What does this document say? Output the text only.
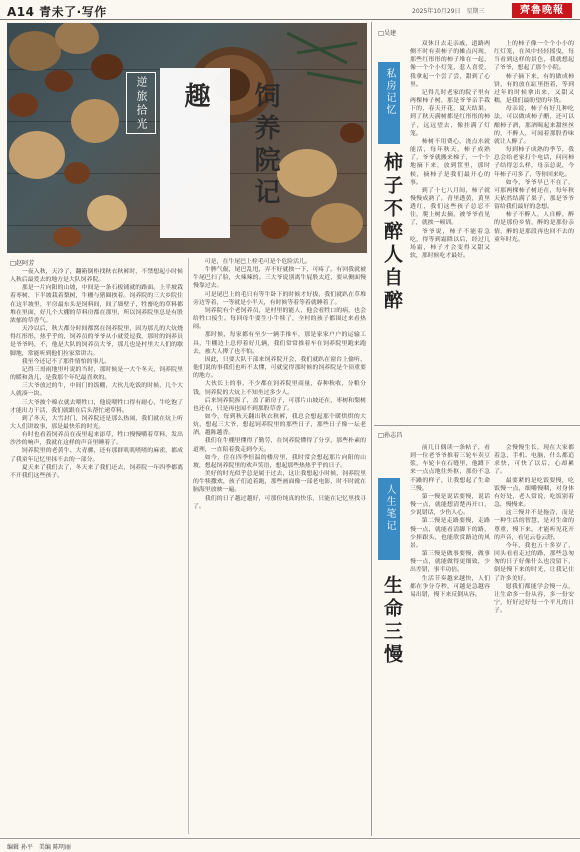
A14 青未了·写作	2025年10月29日　星期三	齊魯晚報
逆旅拾光	饲养院记趣
□赵阿芳

一夜入秋，天冷了，翻箱倒柜找秋衣秋裤时，不禁想起小时候入秋后最爱去的地方是大队饲养院。

那是一片向阳的山坡，中间是一条石板铺就的路面。上半坡栽着枣树，下半坡栽着梨树，牛栅与猪圈挨着。饲养院的三大乡院住在这半坡里，平房最东头是饲料间，间了墙壁子，牲畜吃的草料都堆在里面，好几个大棚的草料房都在那里，所以饲养院里总是有股浓郁的草香气。

天冷以后，秋大都分时间都窝在饲养院里，因为那儿的大炕烧得红彤彤，热乎乎的，饲养员的爷爷从小就爱逗我，那时的饲养员是爷爷吗，不，他是大队的饲养员大爷，那儿也是村里大人们的歇脚地，常能听到他们拉家常讲古。

我至今还记不了那件情怕的事儿。

记得三哥雨地里叶说的当时，那时候是一大个冬天，饲养院里的暖和劲儿，是我那个年纪最喜欢的。

三大爷放过的牛，中间门的饭棚，大伙儿吃饭的时候，几个大人就凑一块。

三大爷披个棉衣就去喂牲口，他说喂牲口得有耐心，牛吃饱了才能出力干活，我们就跟在后头帮忙递草料。

到了冬天，大雪封门，饲养院还是那么热闹，我们就在炕上听大人们讲故事，那是最快乐的时光。

有时也看着饲养员在夜里起来添草，牲口慢慢嚼着草料，发出沙沙的响声，我就在这样的声音里睡着了。

饲养院里的老黄牛、大青骡，还有那群叽叽喳喳的麻雀，都成了我童年记忆里抹不去的一部分。

夏天来了我们去了，冬天来了我们还去，饲养院一年四季都离不开我们这些孩子。

可是，在牛尾巴上栓毛可是个危险活儿。

牛脾气倔，尾巴乱甩，弄不好就挨一下，可疼了。有回我就被牛尾巴扫了脸，火辣辣的。三大爷说别离牛屁股太近，要从侧面慢慢靠过去。

可是尾巴上的毛只有等牛卧下的时候才好拔，我们就趴在草堆旁边等着，一等就是小半天，有时候等着等着就睡着了。

饲养院有个老饲养员，是村里的能人，他会看牲口的病，也会给牲口接生。每回母牛要生小牛犊了，全村的孩子都围过来看热闹。

那时候，每家都有至少一辆手推车，那是家家户户的运输工具，牛棚边上总停着好几辆，我们常常推着车在饲养院里跑来跑去，被大人撵了也不怕。

因此，只要大队干部来饲养院开会，我们就趴在窗台上偷听，他们说的事我们也听不太懂，可就觉得那时候的饲养院是个顶重要的地方。

大伙长上的事，不少都在饲养院里商量，春种秋收，分粮分钱，饲养院的大炕上不知坐过多少人。

后来饲养院拆了，盖了新房子，可那片山坡还在，枣树和梨树也还在，只是再也闻不到那股草香了。

如今，每到秋天翻出秋衣秋裤，我总会想起那个暖烘烘的大炕，想起三大爷，想起饲养院里的那些日子，那些日子像一坛老酒，越陈越香。

我们在牛棚里懂得了勤劳，在饲养院懂得了分享，那些朴素的道理，一直陪着我走到今天。

如今，住在四季恒温的楼房里，我时常会想起那片向阳的山坡，想起饲养院里的欢声笑语，想起那些热热乎乎的日子。

美好的时光似乎总是属于过去，这让我想起小时候，饲养院里的牛犊撒欢，孩子们追着跑，那些画面像一部老电影，时不时就在脑海里放映一遍。

我们的日子越过越好，可那份纯真的快乐，只能在记忆里找寻了。

□吴建
私房记忆
柿子不醉人自醉

双休日去走亲戚，道路两侧不时有卖柿子的摊点闪现，那些红彤彤的柿子堆在一起，像一个个小灯笼，惹人喜爱，我拿起一个尝了尝，甜到了心里。

记得儿时老家的院子里有两棵柿子树，那是爷爷亲手栽下的，春天开花，夏天结果，到了秋天满树都是红彤彤的柿子，远远望去，像挂满了灯笼。

柿树不用费心，浇点水就能活，每年秋天，柿子成熟了，爷爷就搬来梯子，一个个地摘下来，放到筐里，那时候，摘柿子是我们最开心的事。

到了十七八月间，柿子就慢慢成熟了，青里透黄，黄里透红，我们这些孩子总忍不住，爬上树去摘，被爷爷看见了，就挨一顿训。

爷爷说，柿子不能着急吃，得等到霜降以后，经过几场霜，柿子才会变得又甜又软，那时候吃才最好。

上的柿子像一个个小小的红灯笼，在风中轻轻摇曳，每当看到这样的景色，我就想起了爷爷，想起了那个小院。

柿子摘下来，有的做成柿饼，有的放在缸里捂着，等到过年的时候拿出来，又甜又糯，是我们最盼望的年货。

母亲说，柿子有好几种吃法，可以做成柿子醋，还可以酿柿子酒，那酒喝起来甜丝丝的，不醉人，可闻着那股香味就让人醉了。

每到柿子成熟的季节，我总会给老家打个电话，问问柿子结得怎么样，母亲总说，今年柿子可多了，等你回来吃。

如今，爷爷早已不在了，可那两棵柿子树还在，每年秋天依然结满了果子，那是爷爷留给我们最好的念想。

柿子不醉人，人自醉，醉的是那份乡情，醉的是那份亲情，醉的是那段再也回不去的童年时光。

□孙志昌
人生笔记
生命三慢

前几日偶读一条帖子，看到一位老爷爷推着三轮车卖豆浆，车轮卡在石缝里，他蹲下来一点点地往外抠，那份不急不躁的样子，让我想起了生命三慢。

第一慢是说话要慢，说话慢一点，就能想清楚再开口，少说错话，少伤人心。

第二慢是走路要慢，走路慢一点，就能看清脚下的路，少摔跟头，也能欣赏路边的风景。

第三慢是做事要慢，做事慢一点，就能做得更细致，少出差错，事半功倍。

生活节奏越来越快，人们都在争分夺秒，可越是急越容易出错，慢下来反倒从容。

会慢慢生长，现在大家都着急，手机、电脑，什么都追求快，可快了以后，心却累了。

最要紧的是吃饭要慢，吃饭慢一点，细嚼慢咽，对身体有好处，老人常说，吃饭别着急，慢慢来。

这三慢并不是拖沓，而是一种生活的智慧，是对生命的尊重，慢下来，才能听见花开的声音，看见云卷云舒。

今年，我也五十多岁了，回头看看走过的路，那些急匆匆的日子好像什么也没留下，倒是慢下来的时光，让我记住了许多美好。

愿我们都能学会慢一点，让生命多一份从容，多一份安宁，好好过好每一个平凡的日子。

编辑 孙平　美编 陈明丽
